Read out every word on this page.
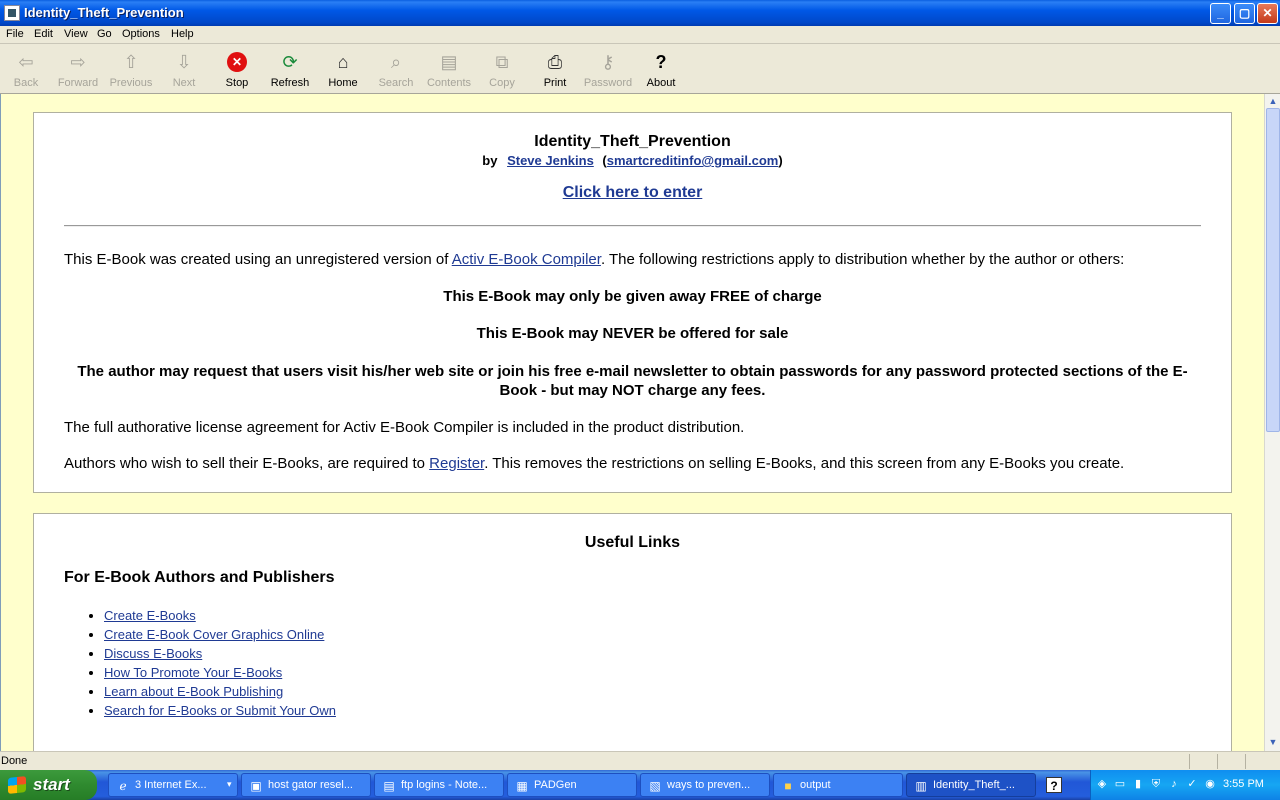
Identity_Theft_Prevention	_	▢	✕
File Edit View Go Options Help
⇦
Back
⇨
Forward
⇧
Previous
⇩
Next
✕
Stop
⟳
Refresh
⌂
Home
⌕
Search
▤
Contents
⧉
Copy
⎙
Print
⚷
Password
?
About
Identity_Theft_Prevention
by Steve Jenkins (smartcreditinfo@gmail.com)
Click here to enter
This E-Book was created using an unregistered version of Activ E-Book Compiler. The following restrictions apply to distribution whether by the author or others:
This E-Book may only be given away FREE of charge
This E-Book may NEVER be offered for sale
The author may request that users visit his/her web site or join his free e-mail newsletter to obtain passwords for any password protected sections of the E-Book - but may NOT charge any fees.
The full authorative license agreement for Activ E-Book Compiler is included in the product distribution.
Authors who wish to sell their E-Books, are required to Register. This removes the restrictions on selling E-Books, and this screen from any E-Books you create.
Useful Links
For E-Book Authors and Publishers
• Create E-Books
• Create E-Book Cover Graphics Online
• Discuss E-Books
• How To Promote Your E-Books
• Learn about E-Book Publishing
• Search for E-Books or Submit Your Own
▲
▼
Done
start	ℯ 3 Internet Ex... ▾ ▣ host gator resel...	▤ ftp logins - Note... ▦ PADGen	▧ ways to preven...	■ output	▥ Identity_Theft_...	◈ ▭ ▮ ⛨	♪ ✓ ◉ 3:55 PM
?
